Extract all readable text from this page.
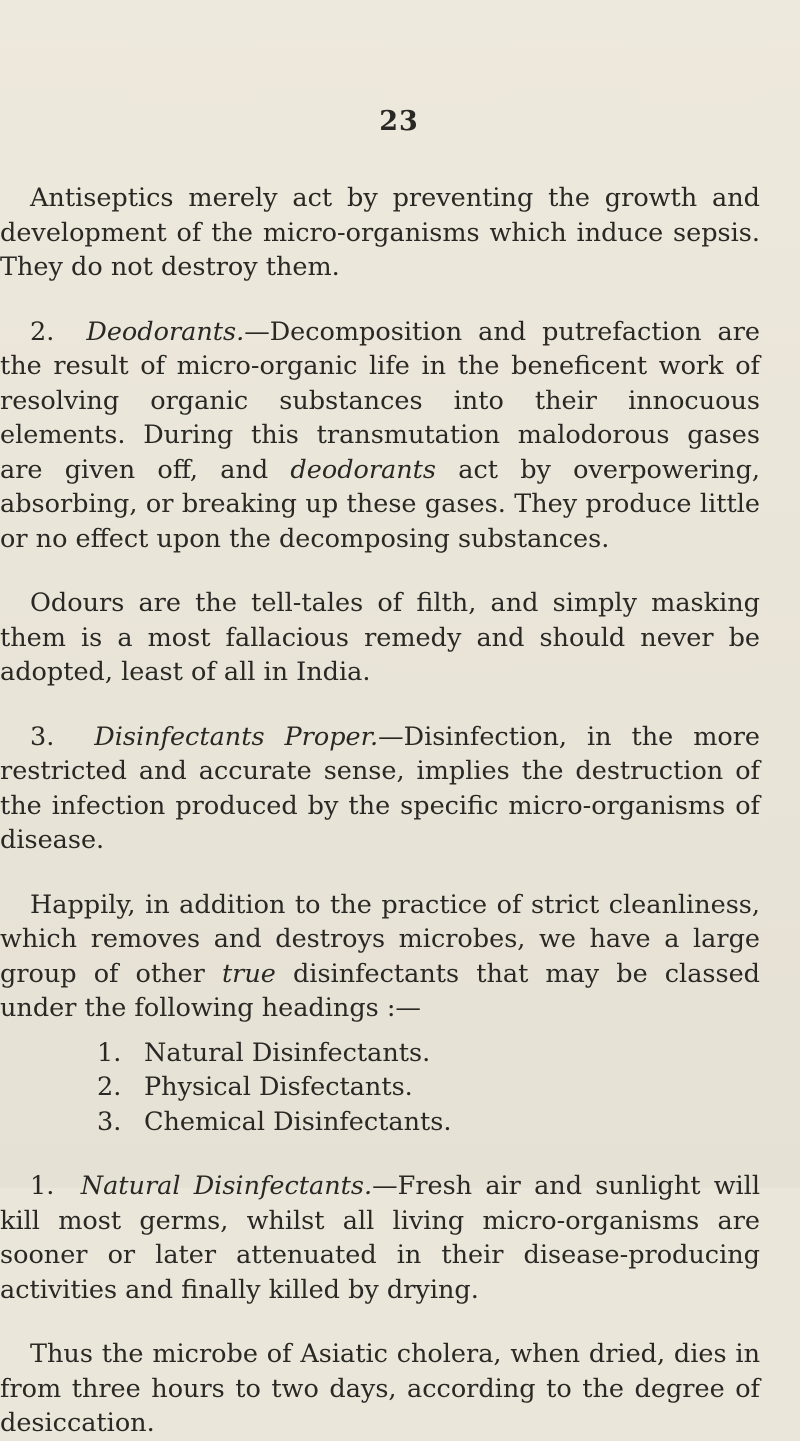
23

Antiseptics merely act by preventing the growth and development of the micro-organisms which induce sepsis. They do not destroy them.

2. Deodorants.—Decomposition and putrefaction are the result of micro-organic life in the beneficent work of resolving organic substances into their innocuous elements. During this transmutation malodorous gases are given off, and deodorants act by overpowering, absorbing, or breaking up these gases. They produce little or no effect upon the decomposing substances.

Odours are the tell-tales of filth, and simply masking them is a most fallacious remedy and should never be adopted, least of all in India.

3. Disinfectants Proper.—Disinfection, in the more restricted and accurate sense, implies the destruction of the infection produced by the specific micro-organisms of disease.

Happily, in addition to the practice of strict cleanliness, which removes and destroys microbes, we have a large group of other true disinfectants that may be classed under the following headings :—

1. Natural Disinfectants.
2. Physical Disfectants.
3. Chemical Disinfectants.

1. Natural Disinfectants.—Fresh air and sunlight will kill most germs, whilst all living micro-organisms are sooner or later attenuated in their disease-producing activities and finally killed by drying.

Thus the microbe of Asiatic cholera, when dried, dies in from three hours to two days, according to the degree of desiccation.
